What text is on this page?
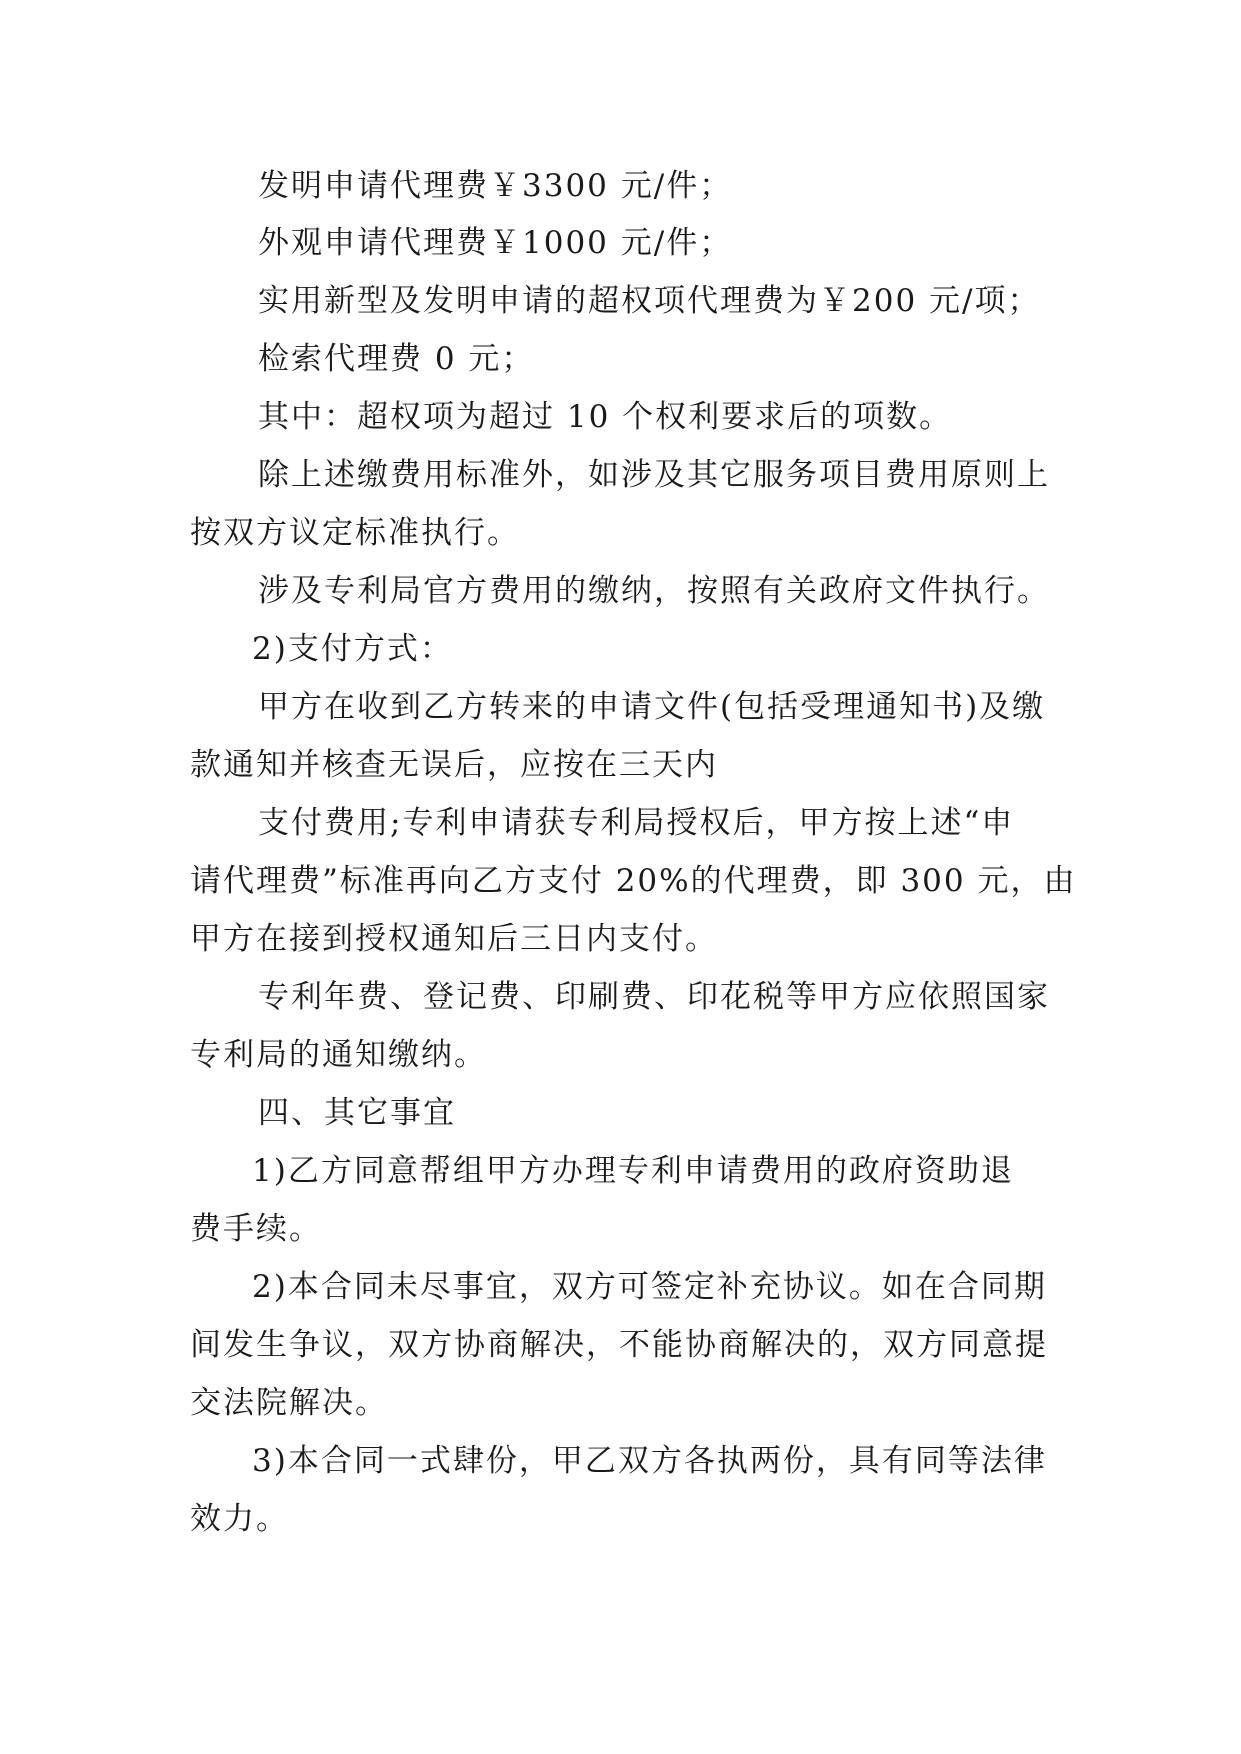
发明申请代理费￥3300 元/件；
外观申请代理费￥1000 元/件；
实用新型及发明申请的超权项代理费为￥200 元/项；
检索代理费 0 元；
其中：超权项为超过 10 个权利要求后的项数。
除上述缴费用标准外，如涉及其它服务项目费用原则上
按双方议定标准执行。
涉及专利局官方费用的缴纳，按照有关政府文件执行。
2)支付方式：
甲方在收到乙方转来的申请文件(包括受理通知书)及缴
款通知并核查无误后，应按在三天内
支付费用;专利申请获专利局授权后，甲方按上述“申
请代理费”标准再向乙方支付 20%的代理费，即 300 元，由
甲方在接到授权通知后三日内支付。
专利年费、登记费、印刷费、印花税等甲方应依照国家
专利局的通知缴纳。
四、其它事宜
1)乙方同意帮组甲方办理专利申请费用的政府资助退
费手续。
2)本合同未尽事宜，双方可签定补充协议。如在合同期
间发生争议，双方协商解决，不能协商解决的，双方同意提
交法院解决。
3)本合同一式肆份，甲乙双方各执两份，具有同等法律
效力。
